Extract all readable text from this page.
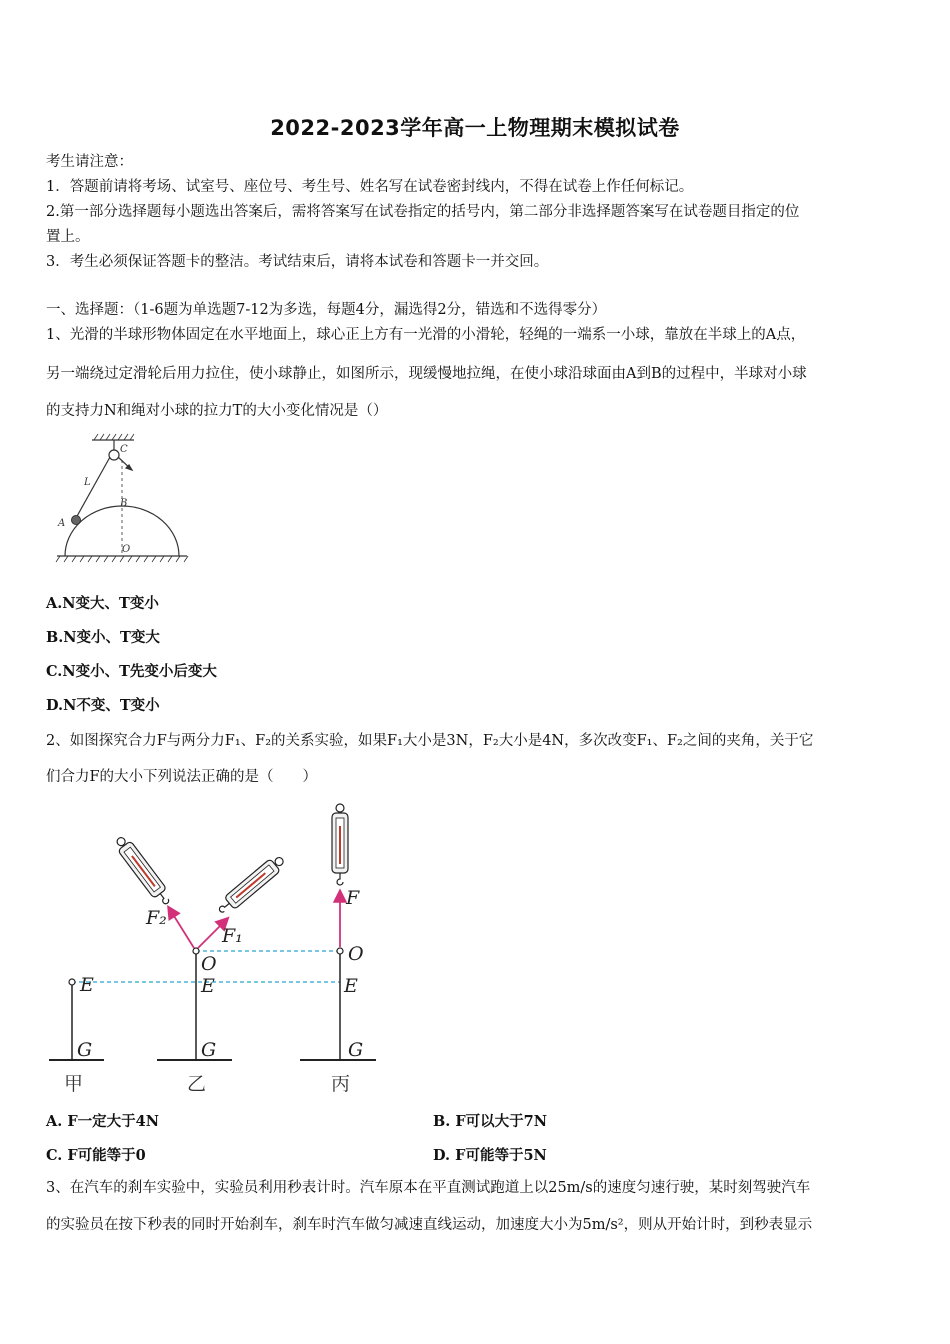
2022-2023学年高一上物理期末模拟试卷
考生请注意：
1．答题前请将考场、试室号、座位号、考生号、姓名写在试卷密封线内，不得在试卷上作任何标记。
2.第一部分选择题每小题选出答案后，需将答案写在试卷指定的括号内，第二部分非选择题答案写在试卷题目指定的位
置上。
3．考生必须保证答题卡的整洁。考试结束后，请将本试卷和答题卡一并交回。
一、选择题：（1-6题为单选题7-12为多选，每题4分，漏选得2分，错选和不选得零分）
1、光滑的半球形物体固定在水平地面上，球心正上方有一光滑的小滑轮，轻绳的一端系一小球，靠放在半球上的A点，
另一端绕过定滑轮后用力拉住，使小球静止，如图所示，现缓慢地拉绳，在使小球沿球面由A到B的过程中，半球对小球
的支持力N和绳对小球的拉力T的大小变化情况是（）
C
L
A
B
O
A.N变大、T变小
B.N变小、T变大
C.N变小、T先变小后变大
D.N不变、T变小
2、如图探究合力F与两分力F₁、F₂的关系实验，如果F₁大小是3N，F₂大小是4N，多次改变F₁、F₂之间的夹角，关于它
们合力F的大小下列说法正确的是（　　）
F₂
F₁
F
O	O
E	E	E
G	G	G
甲	乙	丙
A. F一定大于4N	B. F可以大于7N
C. F可能等于0	D. F可能等于5N
3、在汽车的刹车实验中，实验员利用秒表计时。汽车原本在平直测试跑道上以25m/s的速度匀速行驶，某时刻驾驶汽车
的实验员在按下秒表的同时开始刹车，刹车时汽车做匀减速直线运动，加速度大小为5m/s²，则从开始计时，到秒表显示
